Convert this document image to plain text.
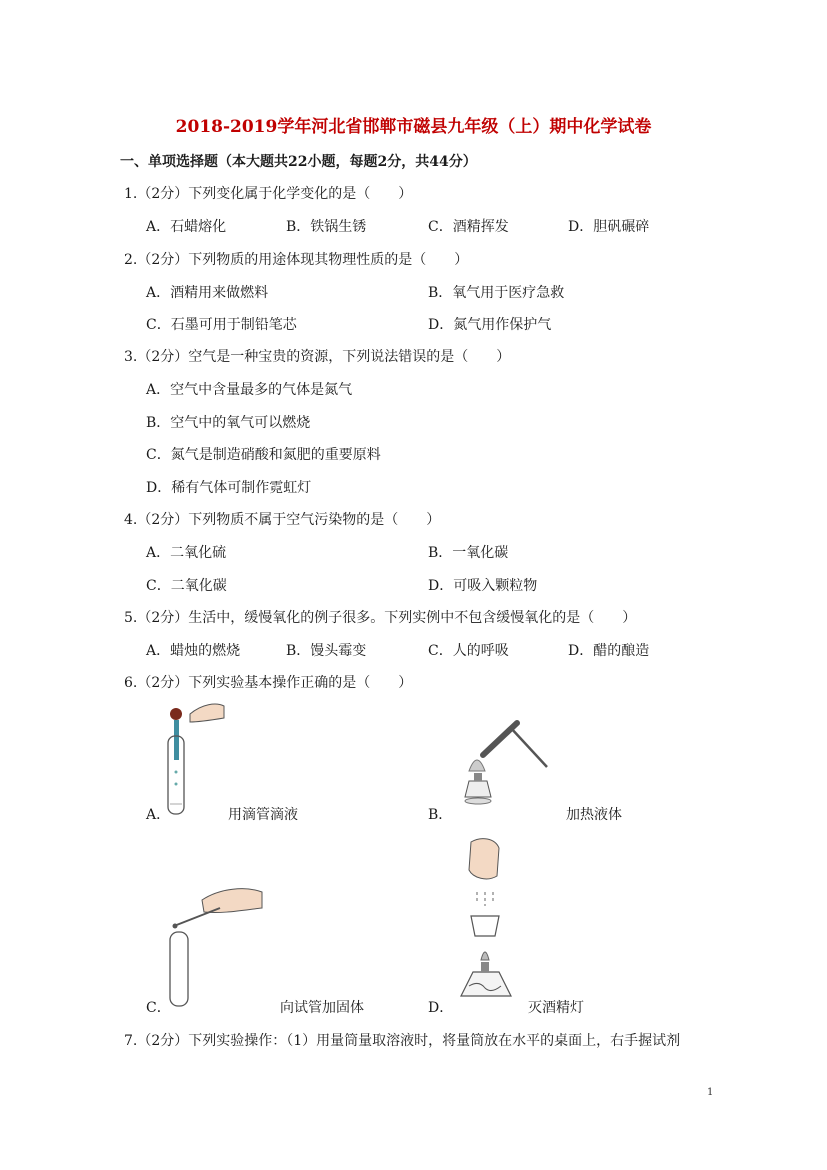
2018-2019学年河北省邯郸市磁县九年级（上）期中化学试卷
一、单项选择题（本大题共22小题，每题2分，共44分）
1.（2分）下列变化属于化学变化的是（　　）
A．石蜡熔化	B．铁锅生锈	C．酒精挥发	D．胆矾碾碎
2.（2分）下列物质的用途体现其物理性质的是（　　）
A．酒精用来做燃料	B．氧气用于医疗急救
C．石墨可用于制铅笔芯	D．氮气用作保护气
3.（2分）空气是一种宝贵的资源，下列说法错误的是（　　）
A．空气中含量最多的气体是氮气
B．空气中的氧气可以燃烧
C．氮气是制造硝酸和氮肥的重要原料
D．稀有气体可制作霓虹灯
4.（2分）下列物质不属于空气污染物的是（　　）
A．二氧化硫	B．一氧化碳
C．二氧化碳	D．可吸入颗粒物
5.（2分）生活中，缓慢氧化的例子很多。下列实例中不包含缓慢氧化的是（　　）
A．蜡烛的燃烧	B．馒头霉变	C．人的呼吸	D．醋的酿造
6.（2分）下列实验基本操作正确的是（　　）
A．	用滴管滴液	B．	加热液体
C．	向试管加固体	D．	灭酒精灯
7.（2分）下列实验操作：（1）用量筒量取溶液时，将量筒放在水平的桌面上，右手握试剂
1
